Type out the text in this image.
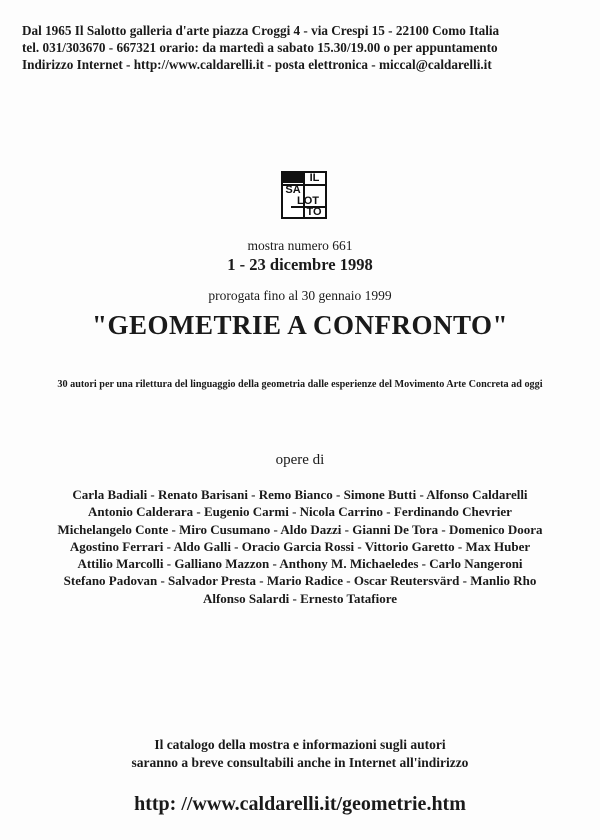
Dal 1965 Il Salotto galleria d'arte piazza Croggi 4 - via Crespi 15 - 22100 Como Italia
tel. 031/303670 - 667321 orario: da martedì a sabato 15.30/19.00 o per appuntamento
Indirizzo Internet - http://www.caldarelli.it - posta elettronica - miccal@caldarelli.it
IL
SA
LOT
TO
mostra numero 661
1 - 23 dicembre 1998
prorogata fino al 30 gennaio 1999
"GEOMETRIE A CONFRONTO"
30 autori per una rilettura del linguaggio della geometria dalle esperienze del Movimento Arte Concreta ad oggi
opere di
Carla Badiali - Renato Barisani - Remo Bianco - Simone Butti - Alfonso Caldarelli
Antonio Calderara - Eugenio Carmi - Nicola Carrino - Ferdinando Chevrier
Michelangelo Conte - Miro Cusumano - Aldo Dazzi - Gianni De Tora - Domenico Doora
Agostino Ferrari - Aldo Galli - Oracio Garcia Rossi - Vittorio Garetto - Max Huber
Attilio Marcolli - Galliano Mazzon - Anthony M. Michaeledes - Carlo Nangeroni
Stefano Padovan - Salvador Presta - Mario Radice - Oscar Reutersvärd - Manlio Rho
Alfonso Salardi - Ernesto Tatafiore
Il catalogo della mostra e informazioni sugli autori
saranno a breve consultabili anche in Internet all'indirizzo
http: //www.caldarelli.it/geometrie.htm
